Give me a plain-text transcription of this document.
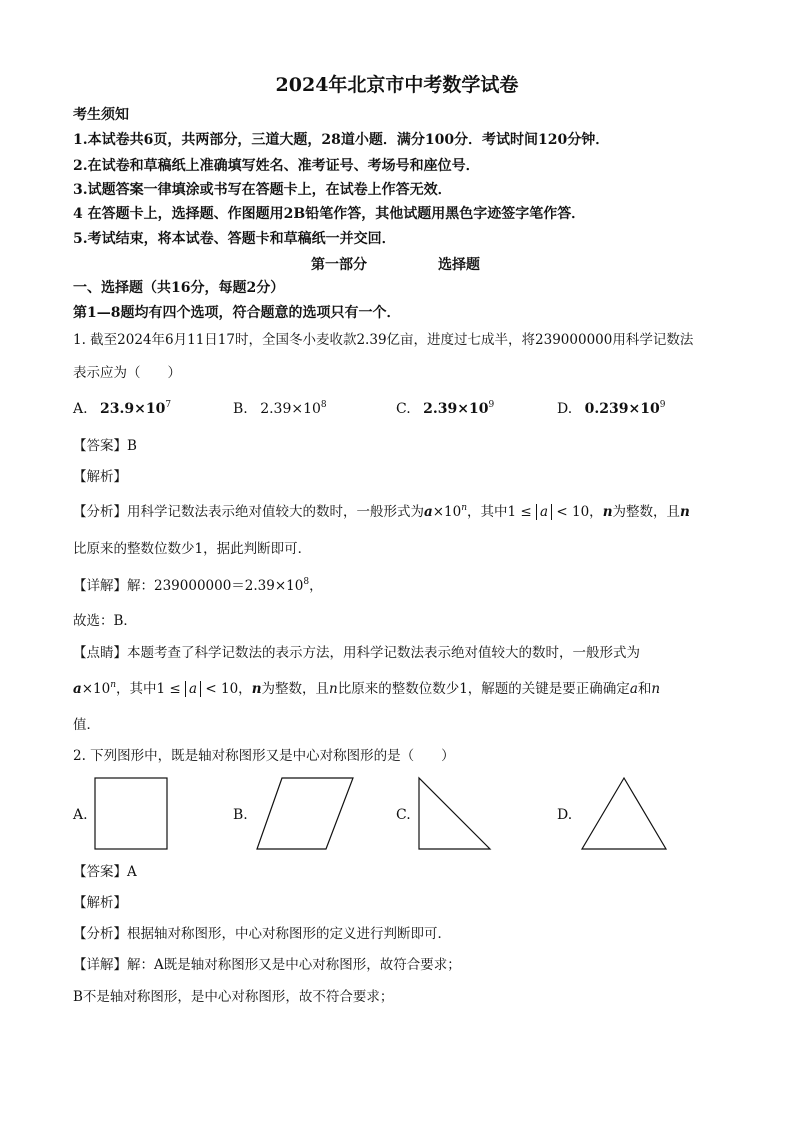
2024年北京市中考数学试卷
考生须知
1.本试卷共6页，共两部分，三道大题，28道小题．满分100分．考试时间120分钟．
2.在试卷和草稿纸上准确填写姓名、准考证号、考场号和座位号．
3.试题答案一律填涂或书写在答题卡上，在试卷上作答无效．
4 在答题卡上，选择题、作图题用2B铅笔作答，其他试题用黑色字迹签字笔作答．
5.考试结束，将本试卷、答题卡和草稿纸一并交回．
第一部分	选择题
一、选择题（共16分，每题2分）
第1—8题均有四个选项，符合题意的选项只有一个．
1. 截至2024年6月11日17时，全国冬小麦收款2.39亿亩，进度过七成半，将239000000用科学记数法
表示应为（　　）
A. $23.9\times 10^7$	B. $2.39\times 10^8$	C. $2.39\times 10^9$	D. $0.239\times 10^9$
【答案】B
【解析】
【分析】用科学记数法表示绝对值较大的数时，一般形式为$a\times 10^n$，其中1 ≤ a < 10，n为整数，且n
比原来的整数位数少1，据此判断即可．
【详解】解：$239000000=2.39\times 10^8$，
故选：B．
【点睛】本题考查了科学记数法的表示方法，用科学记数法表示绝对值较大的数时，一般形式为
$a\times 10^n$，其中1 ≤ a < 10，n为整数，且n比原来的整数位数少1，解题的关键是要正确确定a和n
值．
2. 下列图形中，既是轴对称图形又是中心对称图形的是（　　）
A.	B.	C.	D.
【答案】A
【解析】
【分析】根据轴对称图形，中心对称图形的定义进行判断即可．
【详解】解：A既是轴对称图形又是中心对称图形，故符合要求；
B不是轴对称图形，是中心对称图形，故不符合要求；
